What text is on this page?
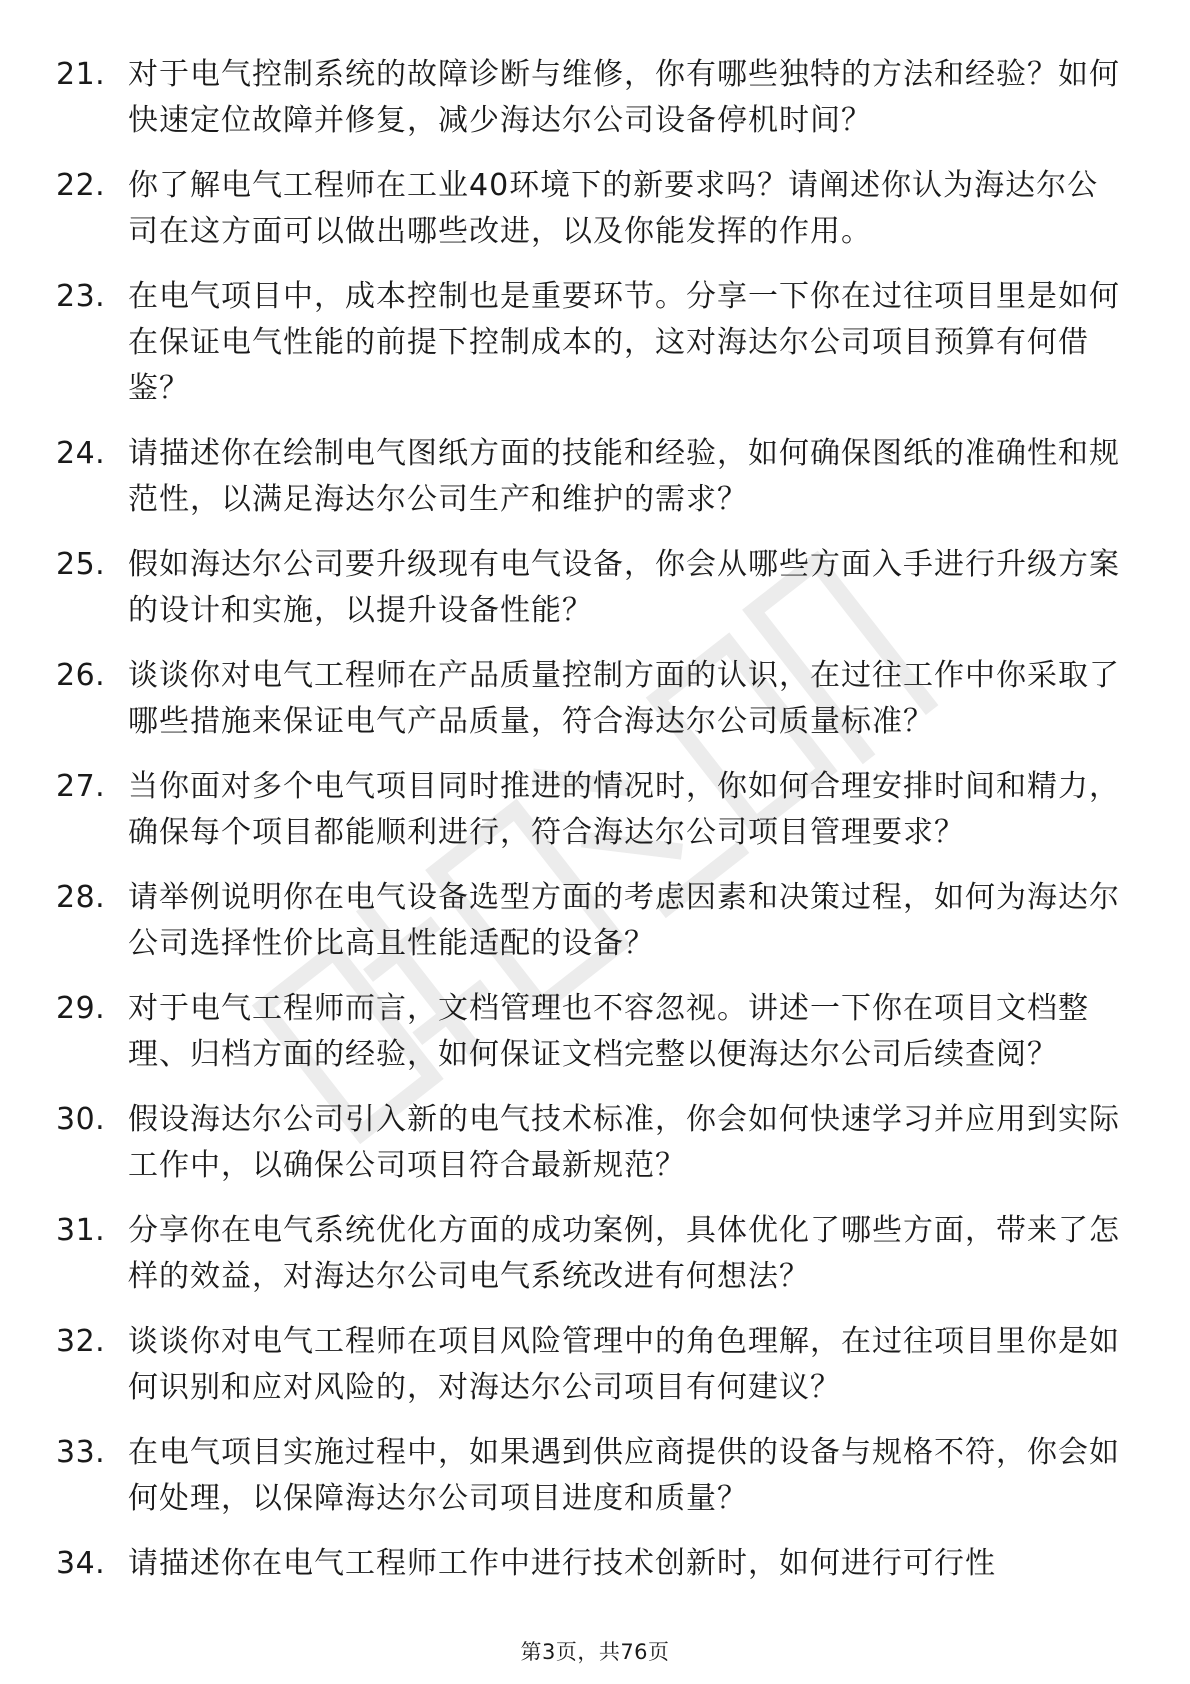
21. 对于电气控制系统的故障诊断与维修，你有哪些独特的方法和经验？如何快速定位故障并修复，减少海达尔公司设备停机时间？
22. 你了解电气工程师在工业40环境下的新要求吗？请阐述你认为海达尔公司在这方面可以做出哪些改进，以及你能发挥的作用。
23. 在电气项目中，成本控制也是重要环节。分享一下你在过往项目里是如何在保证电气性能的前提下控制成本的，这对海达尔公司项目预算有何借鉴？
24. 请描述你在绘制电气图纸方面的技能和经验，如何确保图纸的准确性和规范性，以满足海达尔公司生产和维护的需求？
25. 假如海达尔公司要升级现有电气设备，你会从哪些方面入手进行升级方案的设计和实施，以提升设备性能？
26. 谈谈你对电气工程师在产品质量控制方面的认识，在过往工作中你采取了哪些措施来保证电气产品质量，符合海达尔公司质量标准？
27. 当你面对多个电气项目同时推进的情况时，你如何合理安排时间和精力，确保每个项目都能顺利进行，符合海达尔公司项目管理要求？
28. 请举例说明你在电气设备选型方面的考虑因素和决策过程，如何为海达尔公司选择性价比高且性能适配的设备？
29. 对于电气工程师而言，文档管理也不容忽视。讲述一下你在项目文档整理、归档方面的经验，如何保证文档完整以便海达尔公司后续查阅？
30. 假设海达尔公司引入新的电气技术标准，你会如何快速学习并应用到实际工作中，以确保公司项目符合最新规范？
31. 分享你在电气系统优化方面的成功案例，具体优化了哪些方面，带来了怎样的效益，对海达尔公司电气系统改进有何想法？
32. 谈谈你对电气工程师在项目风险管理中的角色理解，在过往项目里你是如何识别和应对风险的，对海达尔公司项目有何建议？
33. 在电气项目实施过程中，如果遇到供应商提供的设备与规格不符，你会如何处理，以保障海达尔公司项目进度和质量？
34. 请描述你在电气工程师工作中进行技术创新时，如何进行可行性
第3页，共76页
